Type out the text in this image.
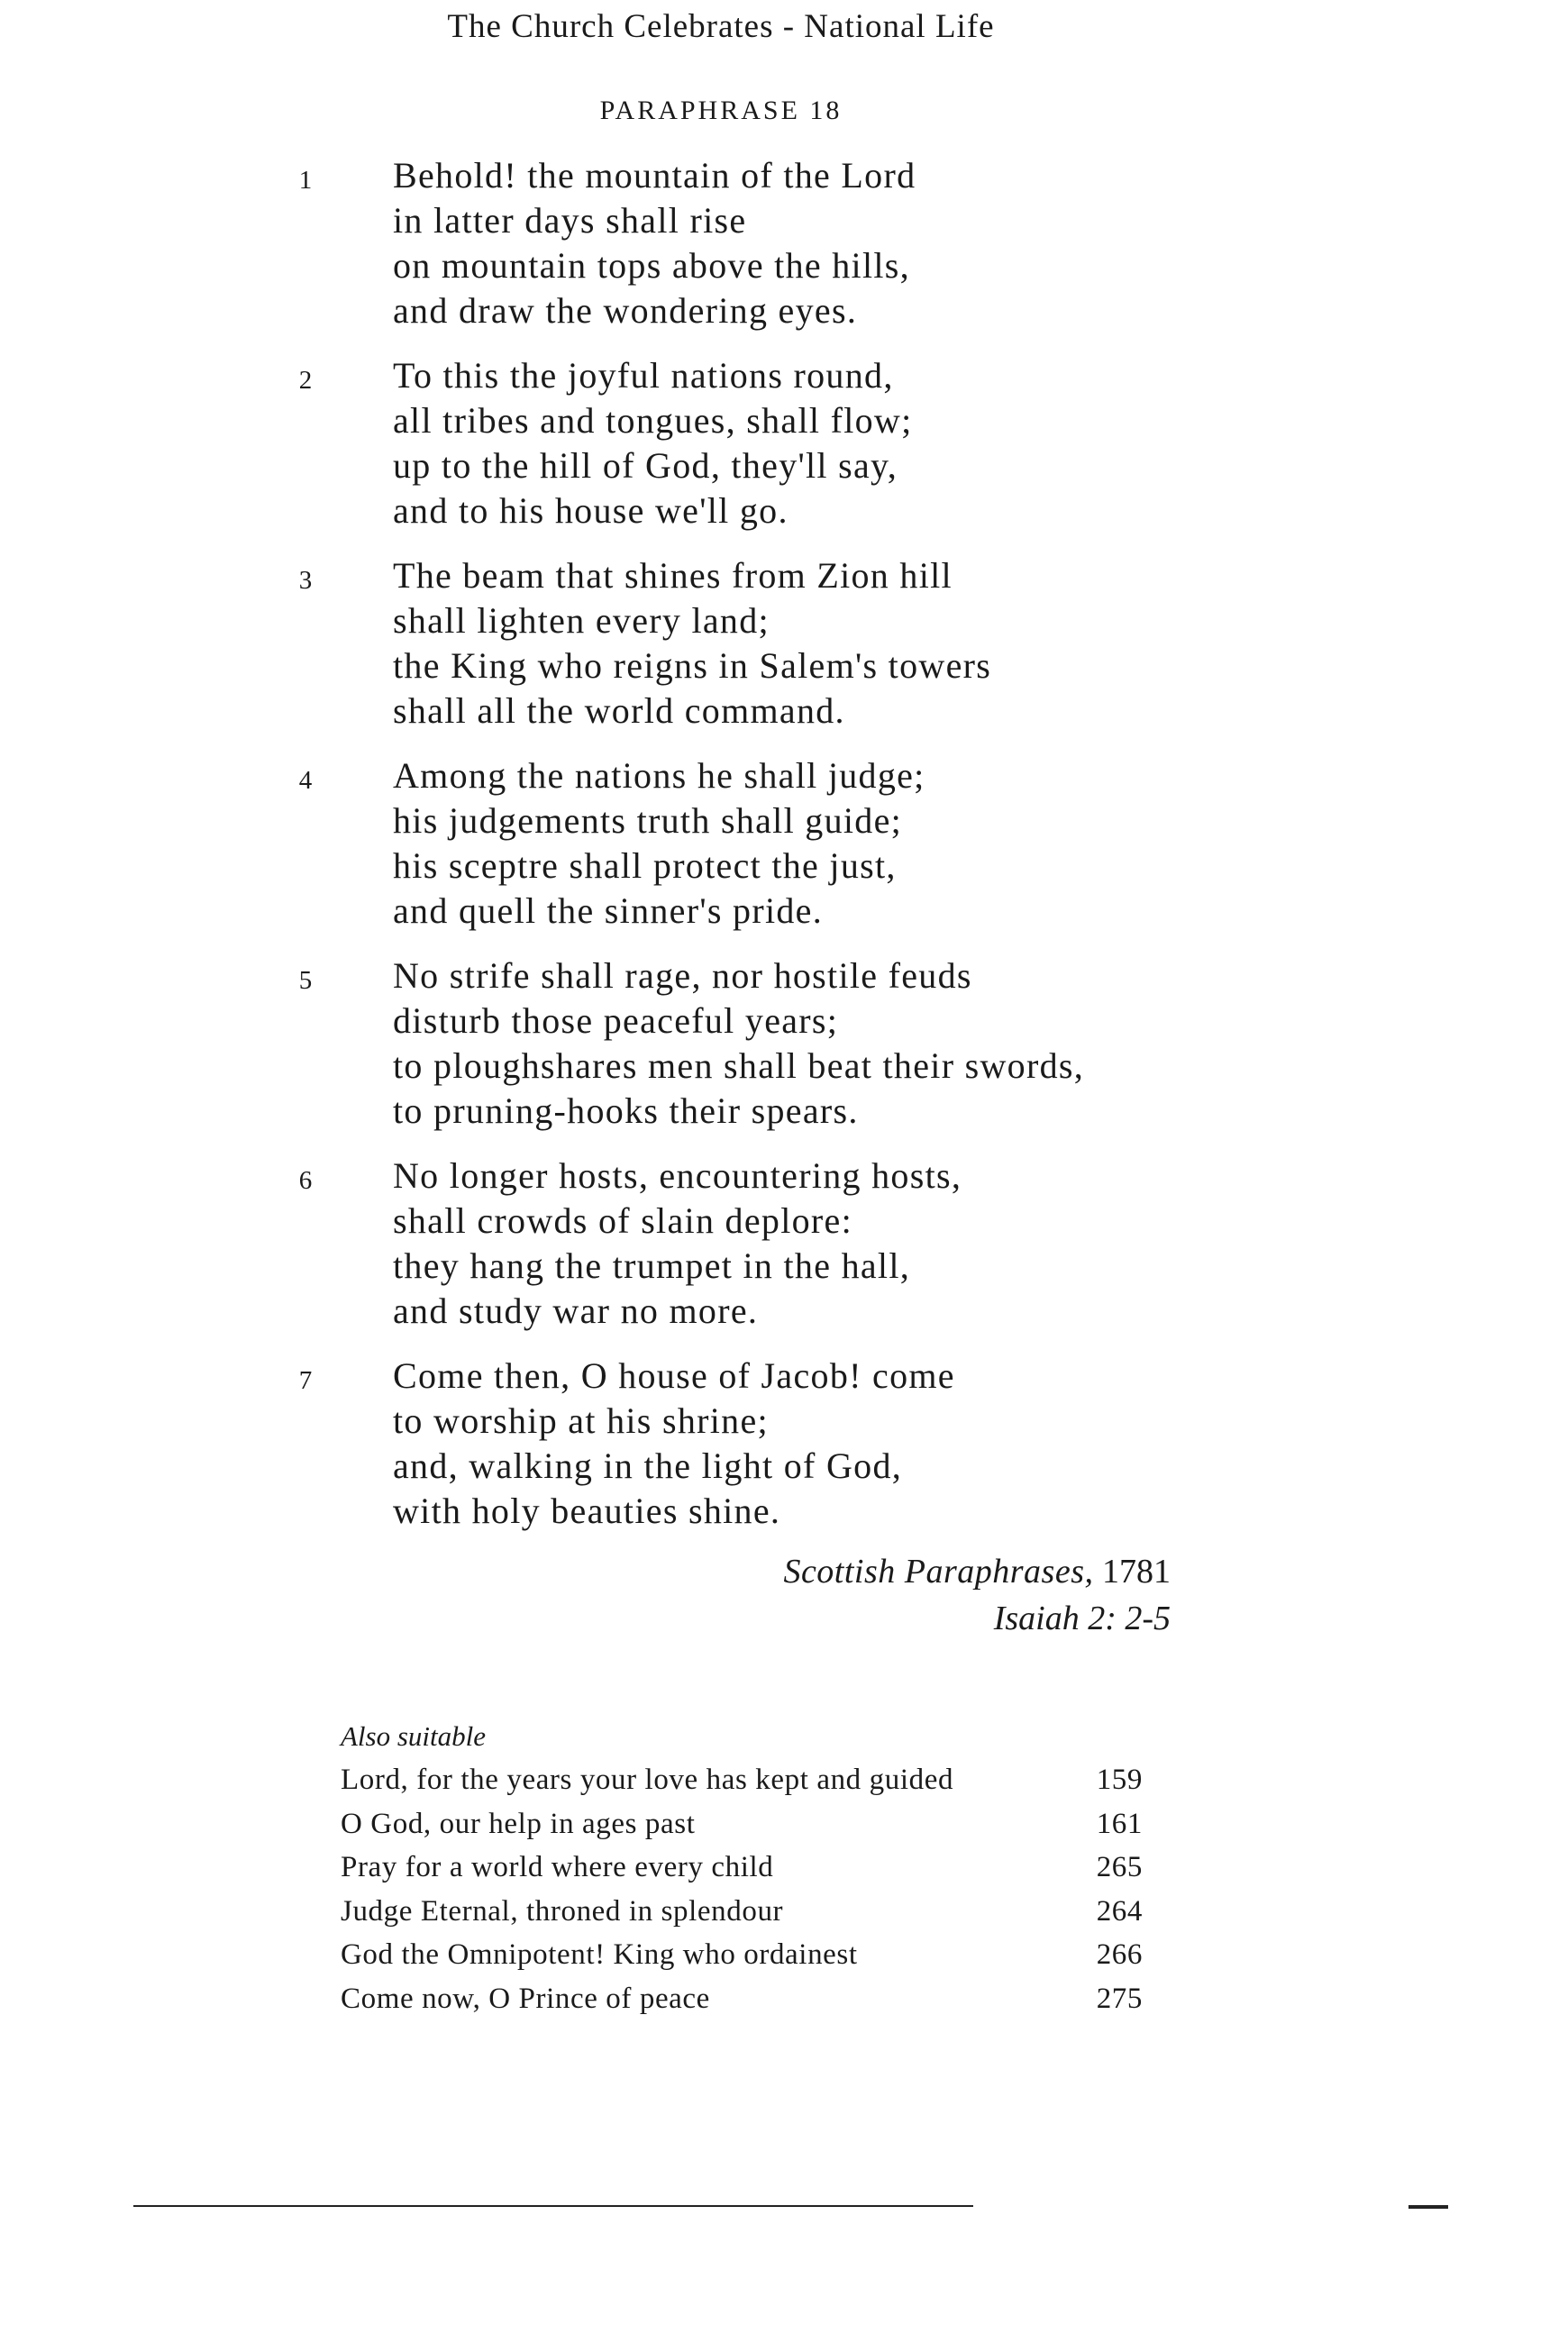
The Church Celebrates - National Life
PARAPHRASE 18
1 Behold! the mountain of the Lord
in latter days shall rise
on mountain tops above the hills,
and draw the wondering eyes.
2 To this the joyful nations round,
all tribes and tongues, shall flow;
up to the hill of God, they'll say,
and to his house we'll go.
3 The beam that shines from Zion hill
shall lighten every land;
the King who reigns in Salem's towers
shall all the world command.
4 Among the nations he shall judge;
his judgements truth shall guide;
his sceptre shall protect the just,
and quell the sinner's pride.
5 No strife shall rage, nor hostile feuds
disturb those peaceful years;
to ploughshares men shall beat their swords,
to pruning-hooks their spears.
6 No longer hosts, encountering hosts,
shall crowds of slain deplore:
they hang the trumpet in the hall,
and study war no more.
7 Come then, O house of Jacob! come
to worship at his shrine;
and, walking in the light of God,
with holy beauties shine.
Scottish Paraphrases, 1781
Isaiah 2: 2-5
Also suitable
Lord, for the years your love has kept and guided	159
O God, our help in ages past	161
Pray for a world where every child	265
Judge Eternal, throned in splendour	264
God the Omnipotent! King who ordainest	266
Come now, O Prince of peace	275
